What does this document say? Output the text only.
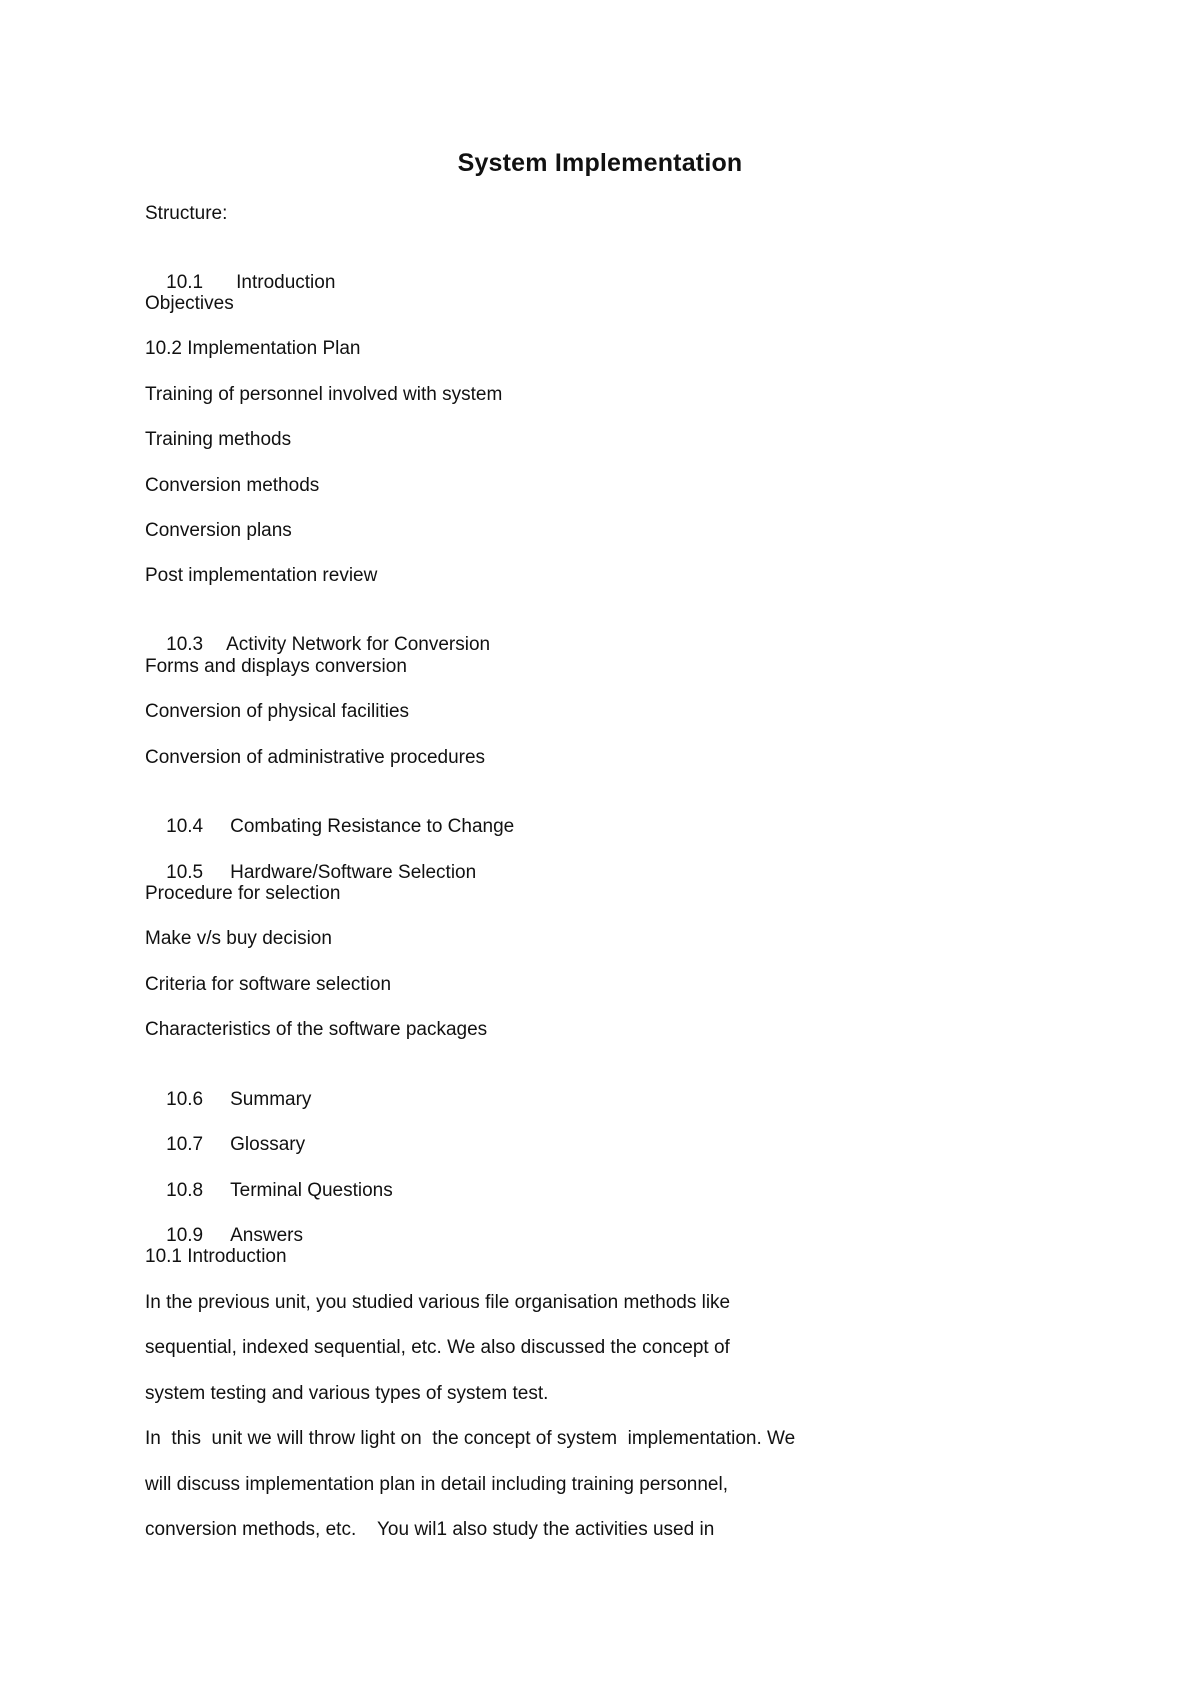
System Implementation
Structure:

10.1 Introduction

Objectives
10.2 Implementation Plan
Training of personnel involved with system
Training methods
Conversion methods
Conversion plans
Post implementation review

10.3 Activity Network for Conversion

Forms and displays conversion
Conversion of physical facilities
Conversion of administrative procedures

10.4 Combating Resistance to Change

10.5 Hardware/Software Selection

Procedure for selection
Make v/s buy decision
Criteria for software selection
Characteristics of the software packages

10.6 Summary

10.7 Glossary

10.8 Terminal Questions

10.9 Answers

10.1 Introduction
In the previous unit, you studied various file organisation methods like
sequential, indexed sequential, etc. We also discussed the concept of
system testing and various types of system test.
In  this  unit we will throw light on  the concept of system  implementation. We
will discuss implementation plan in detail including training personnel,
conversion methods, etc.    You wil1 also study the activities used in
